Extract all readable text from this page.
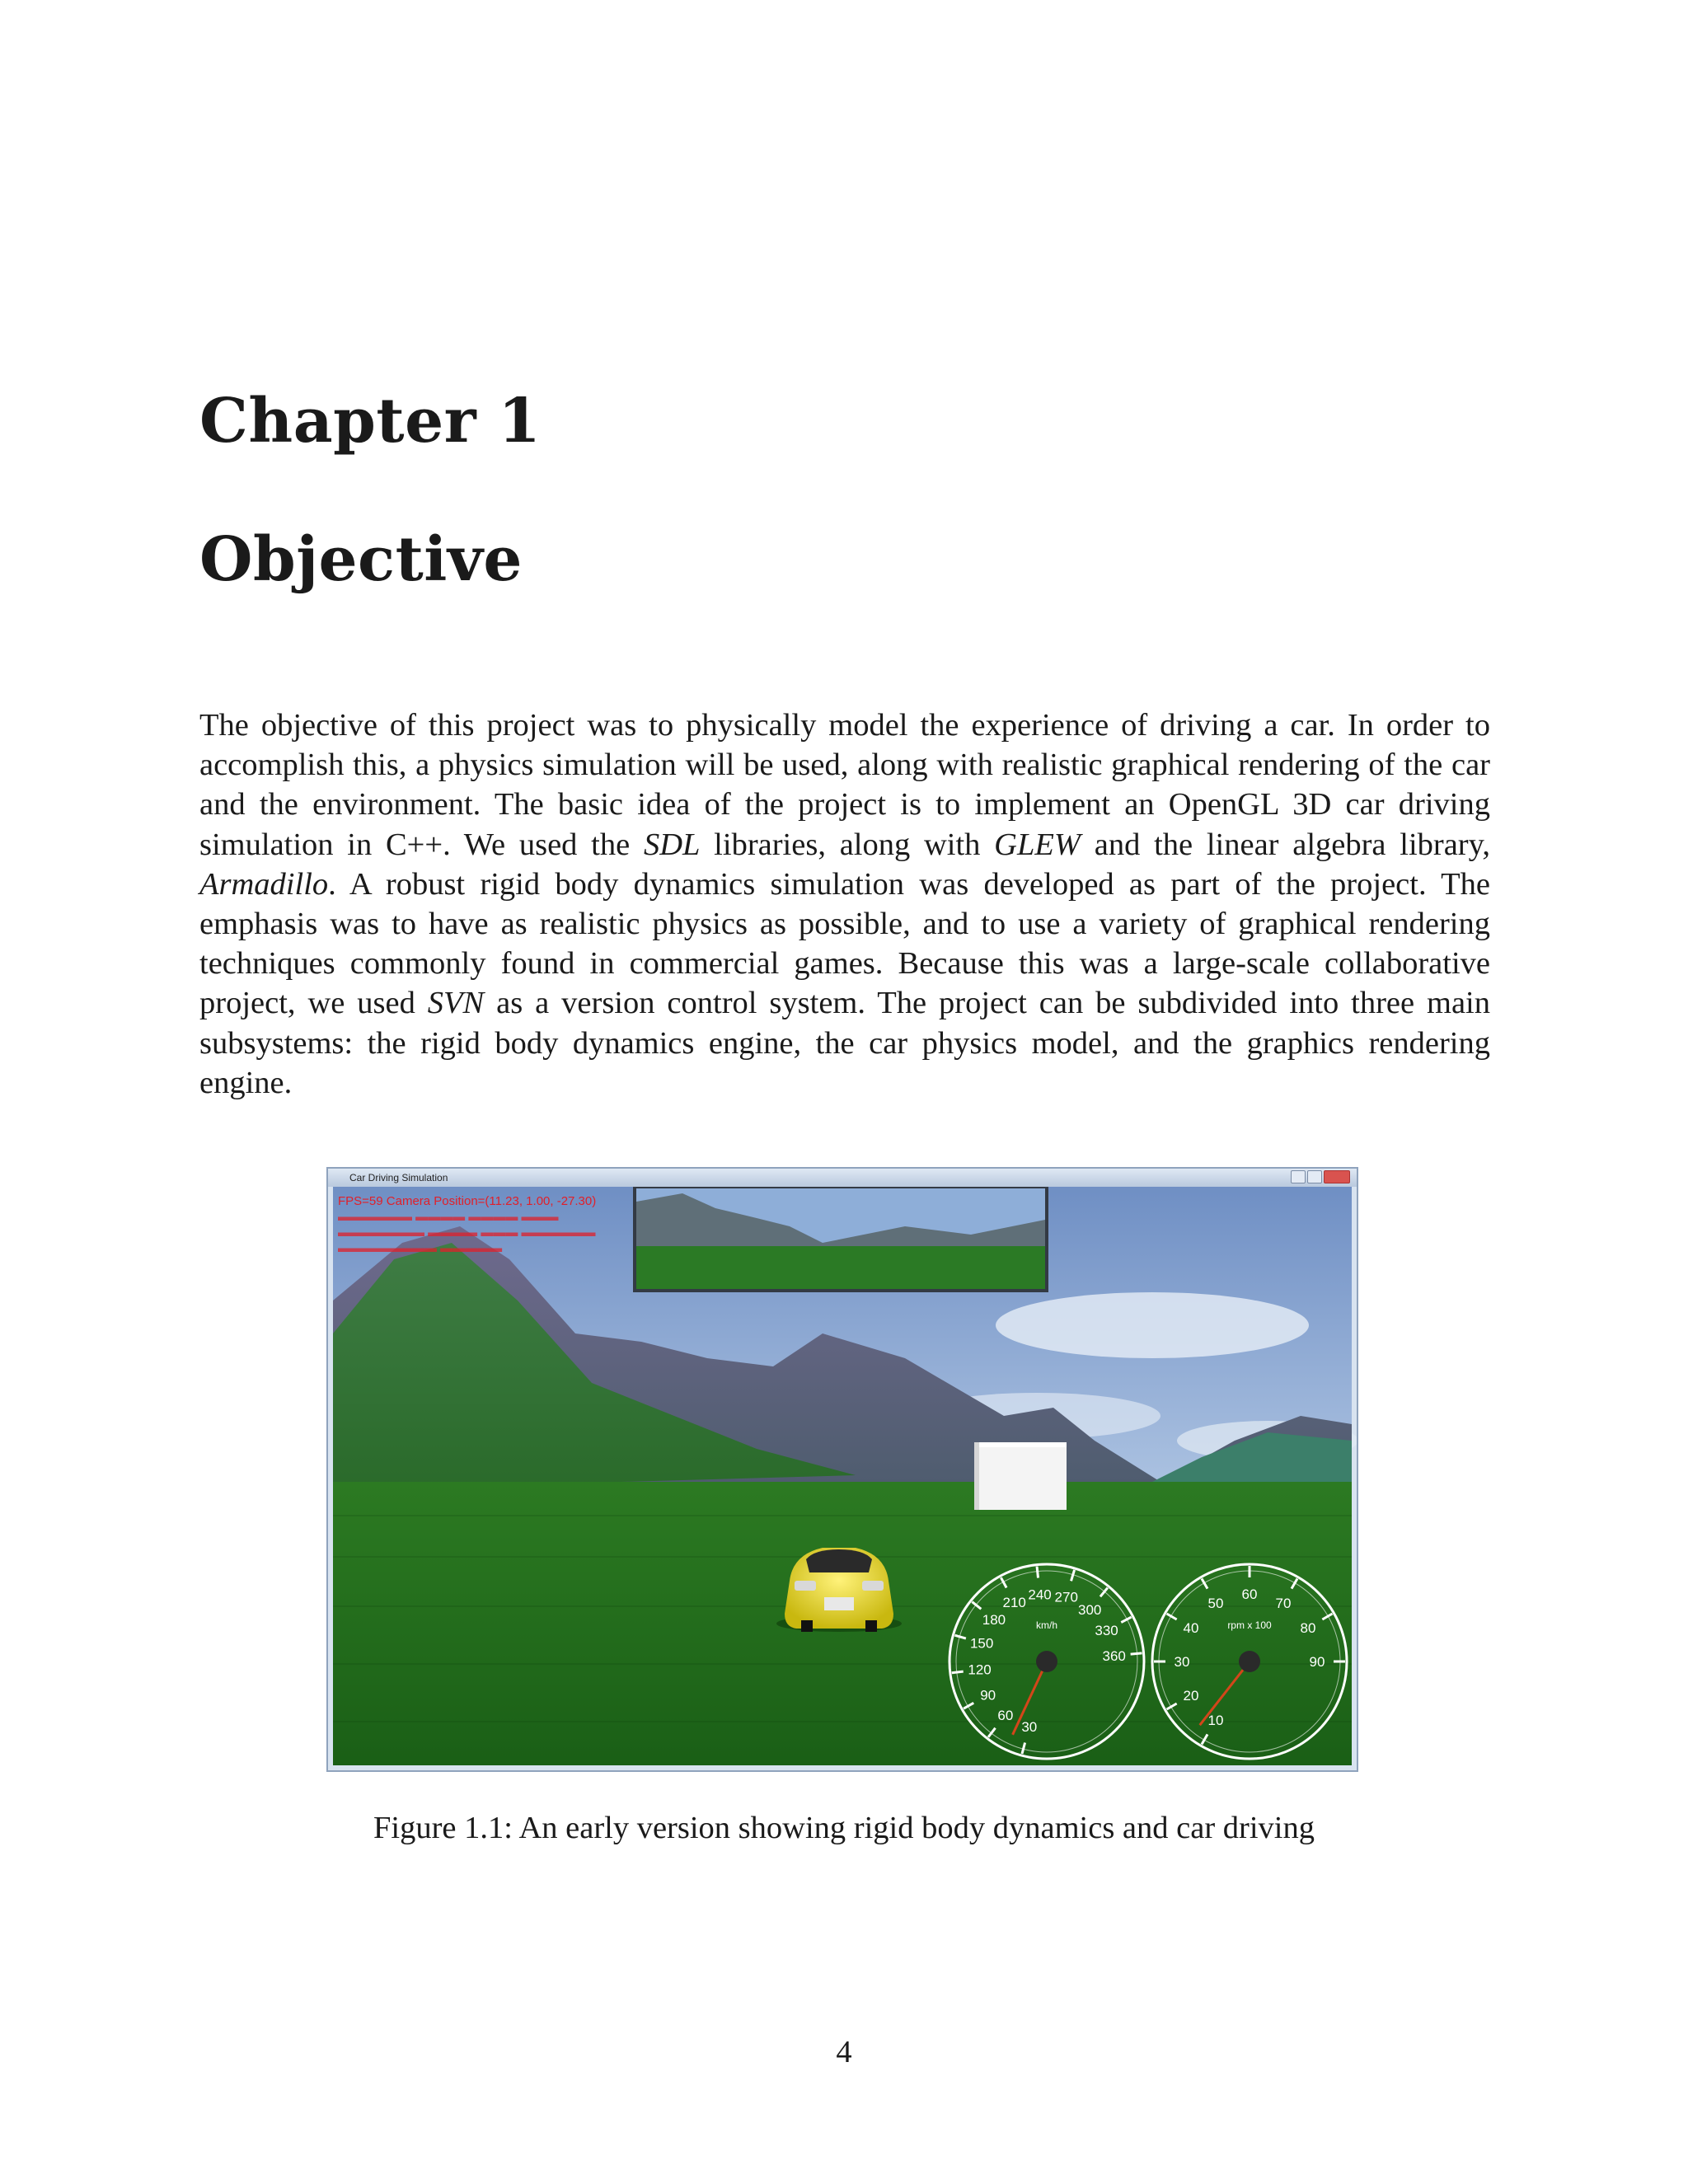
Chapter 1
Objective

The objective of this project was to physically model the experience of driving a car. In order to accomplish this, a physics simulation will be used, along with realistic graphical rendering of the car and the environment. The basic idea of the project is to implement an OpenGL 3D car driving simulation in C++. We used the SDL libraries, along with GLEW and the linear algebra library, Armadillo. A robust rigid body dynamics simulation was developed as part of the project. The emphasis was to have as realistic physics as possible, and to use a variety of graphical rendering techniques commonly found in commercial games. Because this was a large-scale collaborative project, we used SVN as a version control system. The project can be subdivided into three main subsystems: the rigid body dynamics engine, the car physics model, and the graphics rendering engine.

30
60
90
120
150
180
210
240 270
300
330
360
km/h
10
20
30
40
50
60
70
80
90
rpm x 100
Car Driving Simulation
FPS=59 Camera Position=(11.23, 1.00, -27.30)
▬▬▬▬▬▬ ▬▬▬▬ ▬▬▬▬ ▬▬▬
▬▬▬▬▬▬▬ ▬▬▬▬ ▬▬▬ ▬▬▬▬▬▬
▬▬▬▬▬▬▬▬ ▬▬▬▬▬

Figure 1.1: An early version showing rigid body dynamics and car driving

4
